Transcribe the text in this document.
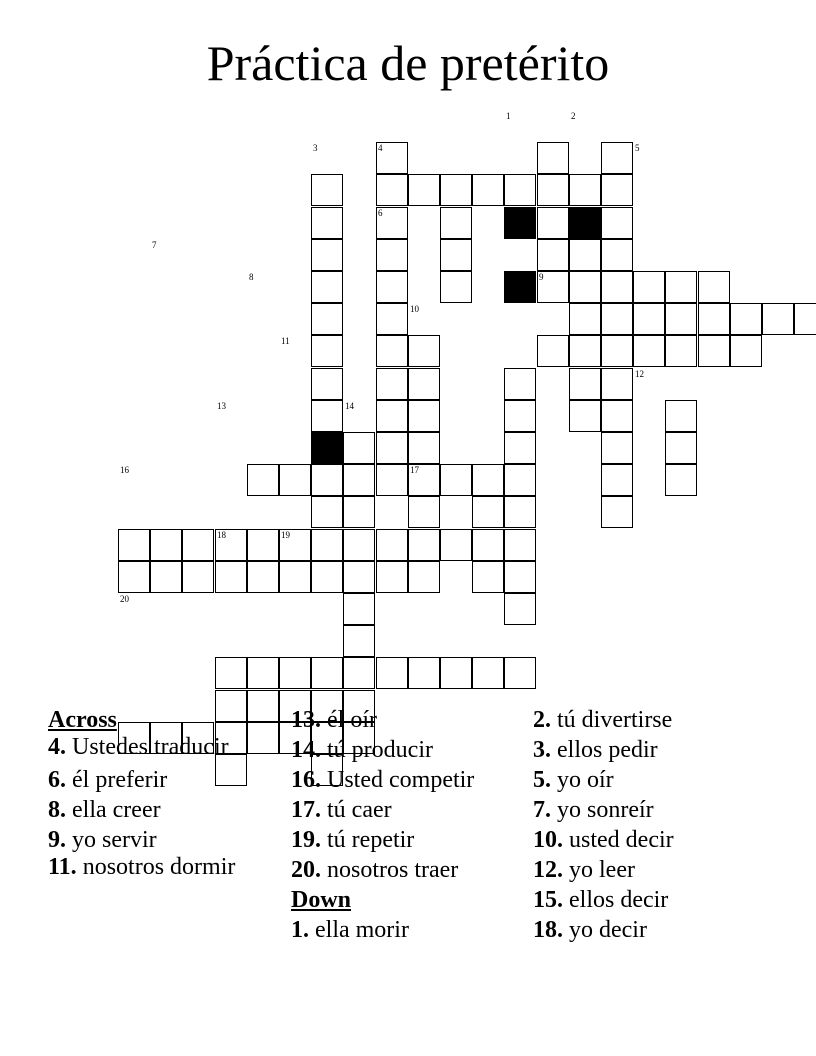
Práctica de pretérito
1	2
3	4	5
6
7
8	9
10
11
12
13	14
15
16	17
18	19
20
Across
4. Ustedes traducir
6. él preferir
8. ella creer
9. yo servir
11. nosotros dormir
13. él oír
14. tú producir
16. Usted competir
17. tú caer
19. tú repetir
20. nosotros traer
Down
1. ella morir
2. tú divertirse
3. ellos pedir
5. yo oír
7. yo sonreír
10. usted decir
12. yo leer
15. ellos decir
18. yo decir
